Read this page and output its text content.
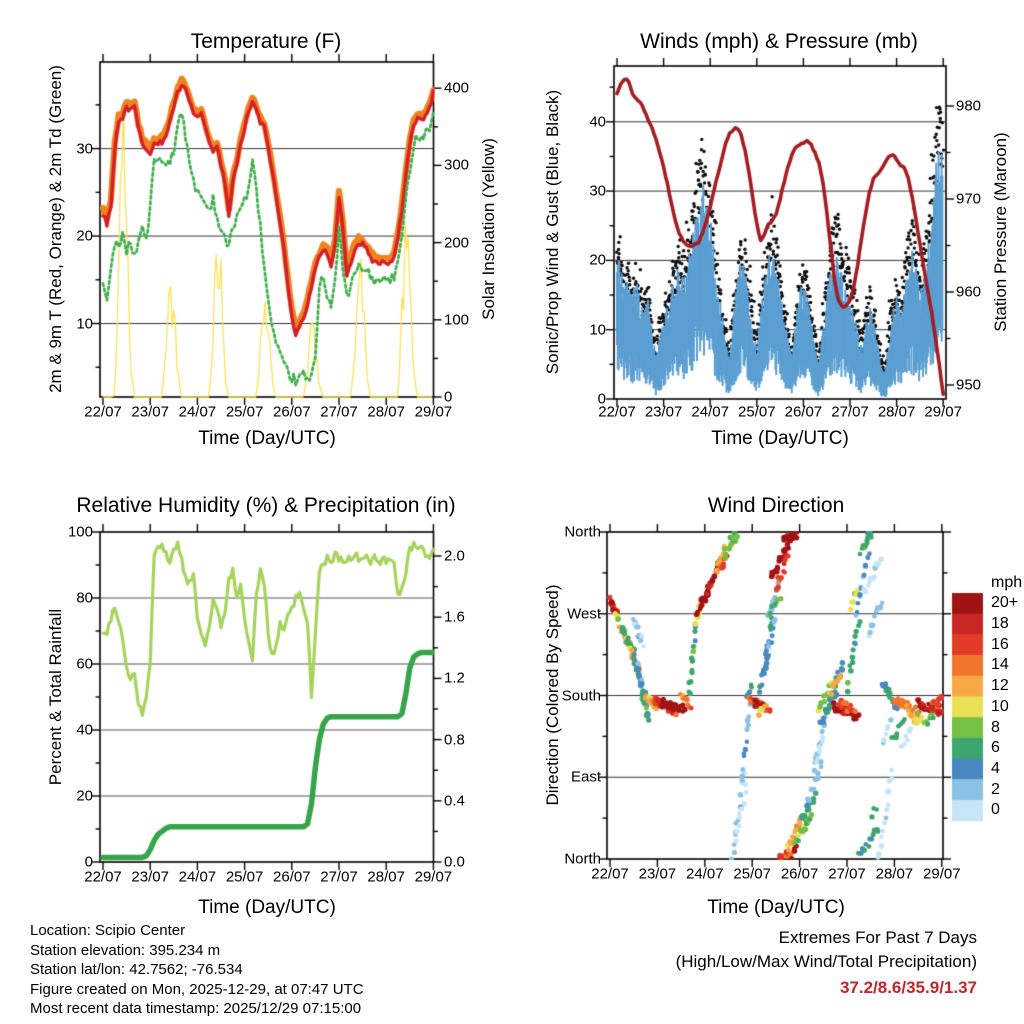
Temperature (F)	Winds (mph) & Pressure (mb)
Relative Humidity (%) & Precipitation (in)	Wind Direction
Time (Day/UTC)	Time (Day/UTC)
Time (Day/UTC)	Time (Day/UTC)
2m & 9m T (Red, Orange) & 2m Td (Green)	Solar Insolation (Yellow)	Sonic/Prop Wind & Gust (Blue, Black)	Station Pressure (Maroon)
Percent & Total Rainfall	Direction (Colored By Speed)
mph
Location: Scipio Center
Station elevation: 395.234 m
Station lat/lon: 42.7562; -76.534
Figure created on Mon, 2025-12-29, at 07:47 UTC
Most recent data timestamp: 2025/12/29 07:15:00
Extremes For Past 7 Days
(High/Low/Max Wind/Total Precipitation)
37.2/8.6/35.9/1.37
10
20
30
0
100
200
300
400
22/07 23/07 24/07 25/07 26/07 27/07 28/07 29/07
0
10
20
30
40
950
960
970
980
22/07 23/07 24/07 25/07 26/07 27/07 28/07 29/07
0
20
40
60
80
100
0.0
0.4
0.8
1.2
1.6
2.0
22/07 23/07 24/07 25/07 26/07 27/07 28/07 29/07
North
West
South
East
North
22/07 23/07 24/07 25/07 26/07 27/07 28/07 29/07
20+
18
16
14
12
10
8
6
4
2
0
